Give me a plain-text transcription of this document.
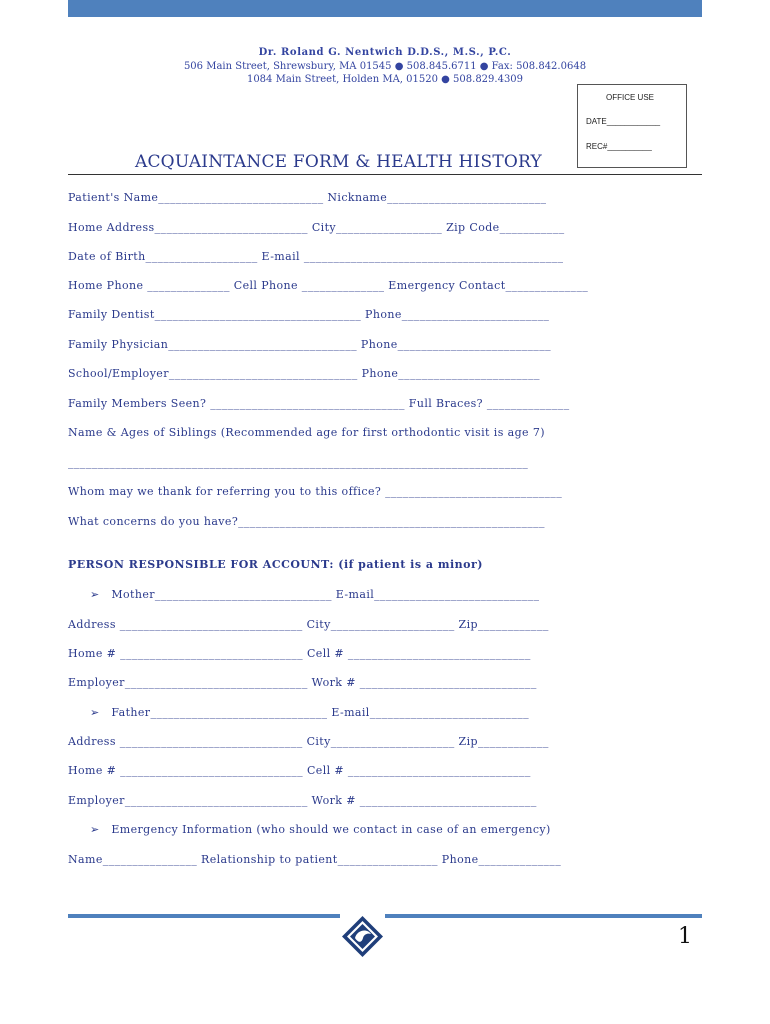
Dr. Roland G. Nentwich D.D.S., M.S., P.C.
506 Main Street, Shrewsbury, MA 01545 ● 508.845.6711 ● Fax: 508.842.0648
1084 Main Street, Holden MA, 01520 ● 508.829.4309
OFFICE USE
DATE____________
REC#__________
ACQUAINTANCE FORM & HEALTH HISTORY
Patient's Name____________________________ Nickname___________________________
Home Address__________________________ City__________________ Zip Code___________
Date of Birth___________________ E-mail ____________________________________________
Home Phone ______________ Cell Phone ______________ Emergency Contact______________
Family Dentist___________________________________ Phone_________________________
Family Physician________________________________ Phone__________________________
School/Employer________________________________ Phone________________________
Family Members Seen? _________________________________ Full Braces? ______________
Name & Ages of Siblings (Recommended age for first orthodontic visit is age 7)
______________________________________________________________________________
Whom may we thank for referring you to this office? ______________________________
What concerns do you have?____________________________________________________
PERSON RESPONSIBLE FOR ACCOUNT: (if patient is a minor)
➢ Mother______________________________ E-mail____________________________
Address _______________________________ City_____________________ Zip____________
Home # _______________________________ Cell # _______________________________
Employer_______________________________ Work # ______________________________
➢ Father______________________________ E-mail___________________________
Address _______________________________ City_____________________ Zip____________
Home # _______________________________ Cell # _______________________________
Employer_______________________________ Work # ______________________________
➢ Emergency Information (who should we contact in case of an emergency)
Name________________ Relationship to patient_________________ Phone______________
1
